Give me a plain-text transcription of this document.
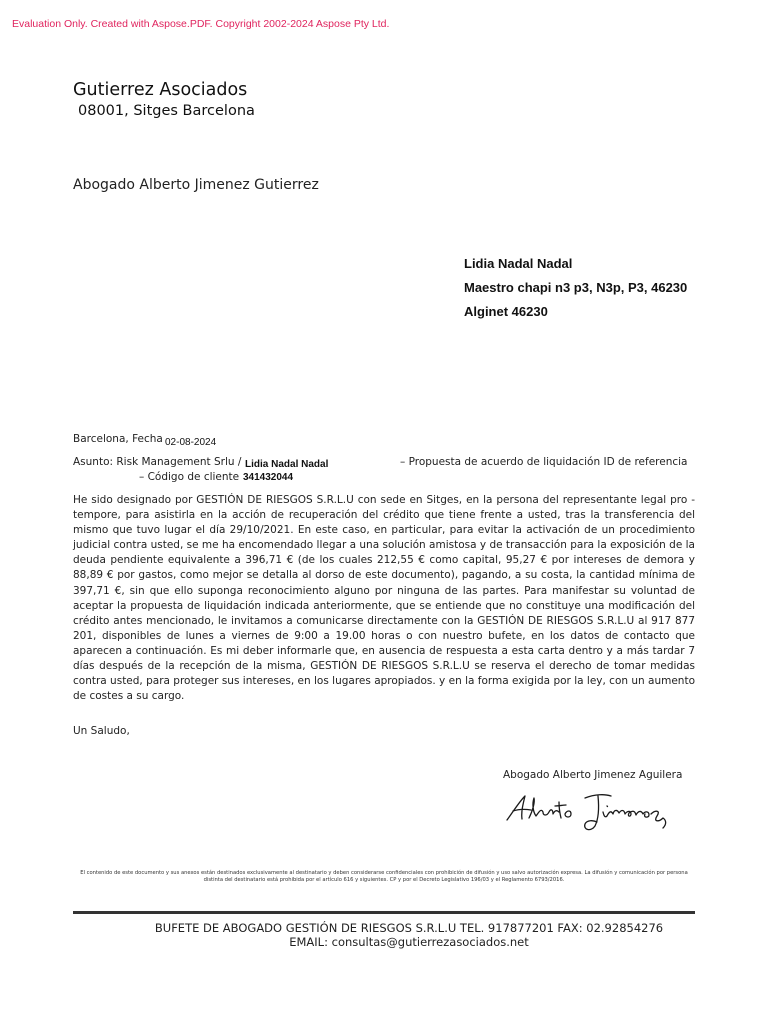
Evaluation Only. Created with Aspose.PDF. Copyright 2002-2024 Aspose Pty Ltd.
Gutierrez Asociados
08001, Sitges Barcelona
Abogado Alberto Jimenez Gutierrez
Lidia Nadal Nadal
Maestro chapi n3 p3, N3p, P3, 46230
Alginet 46230
Barcelona, Fecha 02-08-2024
Asunto: Risk Management Srlu / Lidia Nadal Nadal	– Propuesta de acuerdo de liquidación ID de referencia
– Código de cliente 341432044
He sido designado por GESTIÓN DE RIESGOS S.R.L.U con sede en Sitges, en la persona del representante legal pro - tempore, para asistirla en la acción de recuperación del crédito que tiene frente a usted, tras la transferencia del mismo que tuvo lugar el día 29/10/2021. En este caso, en particular, para evitar la activación de un procedimiento judicial contra usted, se me ha encomendado llegar a una solución amistosa y de transacción para la exposición de la deuda pendiente equivalente a 396,71 € (de los cuales 212,55 € como capital, 95,27 € por intereses de demora y 88,89 € por gastos, como mejor se detalla al dorso de este documento), pagando, a su costa, la cantidad mínima de 397,71 €, sin que ello suponga reconocimiento alguno por ninguna de las partes. Para manifestar su voluntad de aceptar la propuesta de liquidación indicada anteriormente, que se entiende que no constituye una modificación del crédito antes mencionado, le invitamos a comunicarse directamente con la GESTIÓN DE RIESGOS S.R.L.U al 917 877 201, disponibles de lunes a viernes de 9:00 a 19.00 horas o con nuestro bufete, en los datos de contacto que aparecen a continuación. Es mi deber informarle que, en ausencia de respuesta a esta carta dentro y a más tardar 7 días después de la recepción de la misma, GESTIÓN DE RIESGOS S.R.L.U se reserva el derecho de tomar medidas contra usted, para proteger sus intereses, en los lugares apropiados. y en la forma exigida por la ley, con un aumento de costes a su cargo.
Un Saludo,
Abogado Alberto Jimenez Aguilera
El contenido de este documento y sus anexos están destinados exclusivamente al destinatario y deben considerarse confidenciales con prohibición de difusión y uso salvo autorización expresa. La difusión y comunicación por persona distinta del destinatario está prohibida por el artículo 616 y siguientes. CP y por el Decreto Legislativo 196/03 y el Reglamento 6793/2016.
BUFETE DE ABOGADO GESTIÓN DE RIESGOS S.R.L.U TEL. 917877201 FAX: 02.92854276
EMAIL: consultas@gutierrezasociados.net
